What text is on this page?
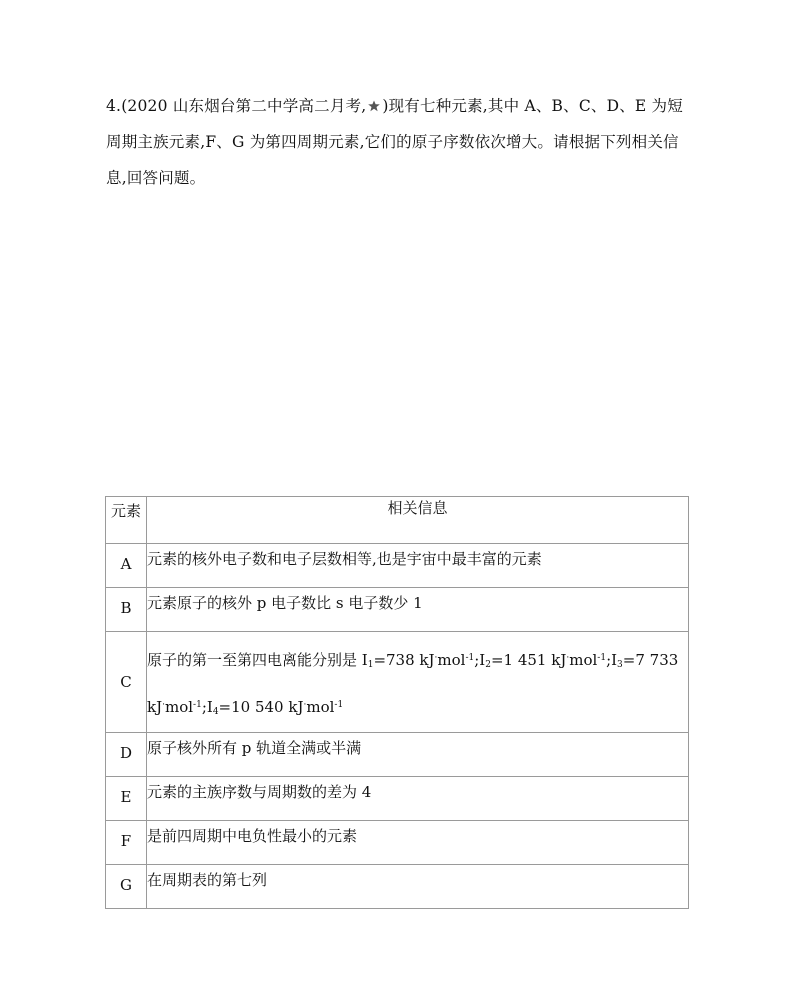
4.(2020 山东烟台第二中学高二月考, )现有七种元素,其中 A、B、C、D、E 为短周期主族元素,F、G 为第四周期元素,它们的原子序数依次增大。请根据下列相关信息,回答问题。
元素	相关信息
A	元素的核外电子数和电子层数相等,也是宇宙中最丰富的元素
B	元素原子的核外 p 电子数比 s 电子数少 1
C	原子的第一至第四电离能分别是 $I_1=738$ $kJ^\cdot mol^{-1};I_2=1$ 451 $kJ^\cdot mol^{-1};I_3=7$ 733 $kJ^\cdot mol^{-1};I_4=10$ 540 kJ·mol$^{-1}$
D	原子核外所有 p 轨道全满或半满
E	元素的主族序数与周期数的差为 4
F	是前四周期中电负性最小的元素
G	在周期表的第七列
